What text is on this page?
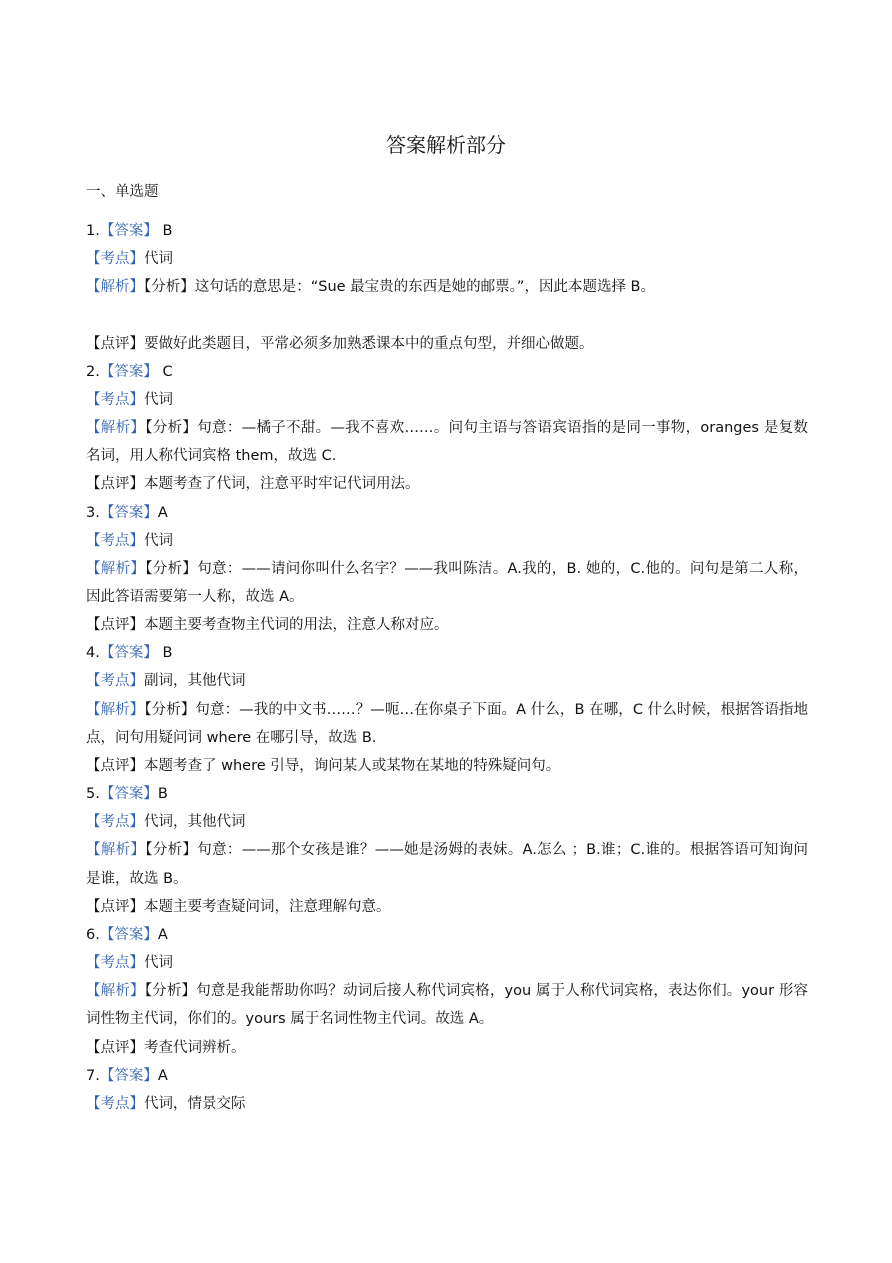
答案解析部分
一、单选题
1.【答案】 B
【考点】代词
【解析】【分析】这句话的意思是：“Sue 最宝贵的东西是她的邮票。”，因此本题选择 B。
【点评】要做好此类题目，平常必须多加熟悉课本中的重点句型，并细心做题。
2.【答案】 C
【考点】代词
【解析】【分析】句意：—橘子不甜。—我不喜欢……。问句主语与答语宾语指的是同一事物，oranges 是复数名词，用人称代词宾格 them，故选 C.
【点评】本题考查了代词，注意平时牢记代词用法。
3.【答案】A
【考点】代词
【解析】【分析】句意：——请问你叫什么名字？——我叫陈洁。A.我的，B. 她的，C.他的。问句是第二人称，因此答语需要第一人称，故选 A。
【点评】本题主要考查物主代词的用法，注意人称对应。
4.【答案】 B
【考点】副词，其他代词
【解析】【分析】句意：—我的中文书……？—呃…在你桌子下面。A 什么，B 在哪，C 什么时候，根据答语指地点，问句用疑问词 where 在哪引导，故选 B.
【点评】本题考查了 where 引导，询问某人或某物在某地的特殊疑问句。
5.【答案】B
【考点】代词，其他代词
【解析】【分析】句意：——那个女孩是谁？——她是汤姆的表妹。A.怎么 ；B.谁；C.谁的。根据答语可知询问是谁，故选 B。
【点评】本题主要考查疑问词，注意理解句意。
6.【答案】A
【考点】代词
【解析】【分析】句意是我能帮助你吗？动词后接人称代词宾格，you 属于人称代词宾格，表达你们。your 形容词性物主代词，你们的。yours 属于名词性物主代词。故选 A。
【点评】考查代词辨析。
7.【答案】A
【考点】代词，情景交际
